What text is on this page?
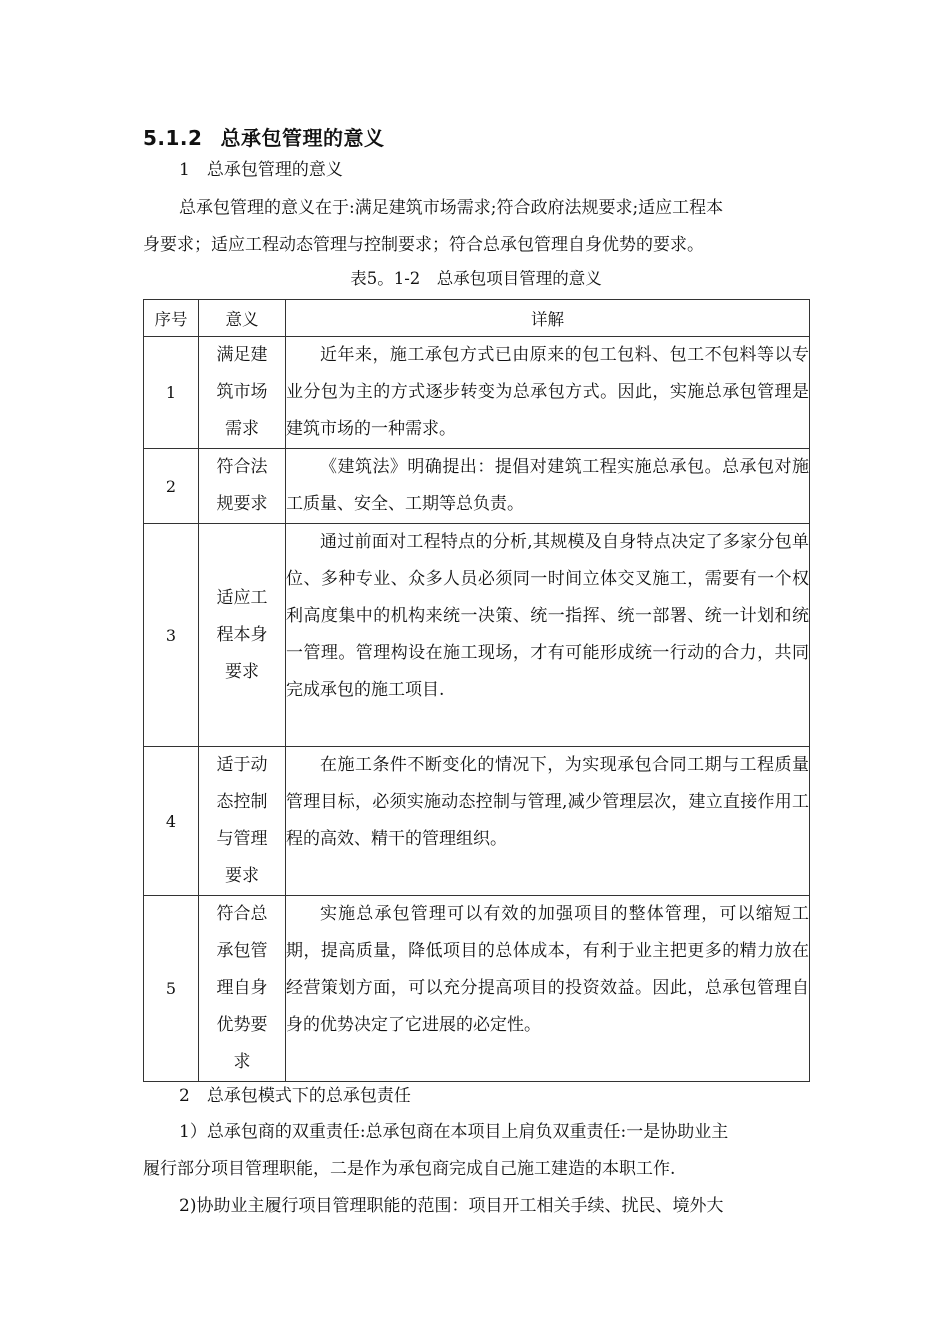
5.1.2 总承包管理的意义
1　总承包管理的意义
总承包管理的意义在于:满足建筑市场需求;符合政府法规要求;适应工程本
身要求；适应工程动态管理与控制要求；符合总承包管理自身优势的要求。
表5。1-2　总承包项目管理的意义
序号	意义	详解
1	满足建
筑市场
需求	近年来，施工承包方式已由原来的包工包料、包工不包料等以专业分包为主的方式逐步转变为总承包方式。因此，实施总承包管理是建筑市场的一种需求。
2	符合法
规要求	《建筑法》明确提出：提倡对建筑工程实施总承包。总承包对施工质量、安全、工期等总负责。
3	适应工
程本身
要求	通过前面对工程特点的分析,其规模及自身特点决定了多家分包单位、多种专业、众多人员必须同一时间立体交叉施工，需要有一个权利高度集中的机构来统一决策、统一指挥、统一部署、统一计划和统一管理。管理构设在施工现场，才有可能形成统一行动的合力，共同完成承包的施工项目.
4	适于动
态控制
与管理
要求	在施工条件不断变化的情况下，为实现承包合同工期与工程质量管理目标，必须实施动态控制与管理,减少管理层次，建立直接作用工程的高效、精干的管理组织。
5	符合总
承包管
理自身
优势要
求	实施总承包管理可以有效的加强项目的整体管理，可以缩短工期，提高质量，降低项目的总体成本，有利于业主把更多的精力放在经营策划方面，可以充分提高项目的投资效益。因此，总承包管理自身的优势决定了它进展的必定性。
2　总承包模式下的总承包责任
1）总承包商的双重责任:总承包商在本项目上肩负双重责任:一是协助业主
履行部分项目管理职能，二是作为承包商完成自己施工建造的本职工作.
2)协助业主履行项目管理职能的范围：项目开工相关手续、扰民、境外大
